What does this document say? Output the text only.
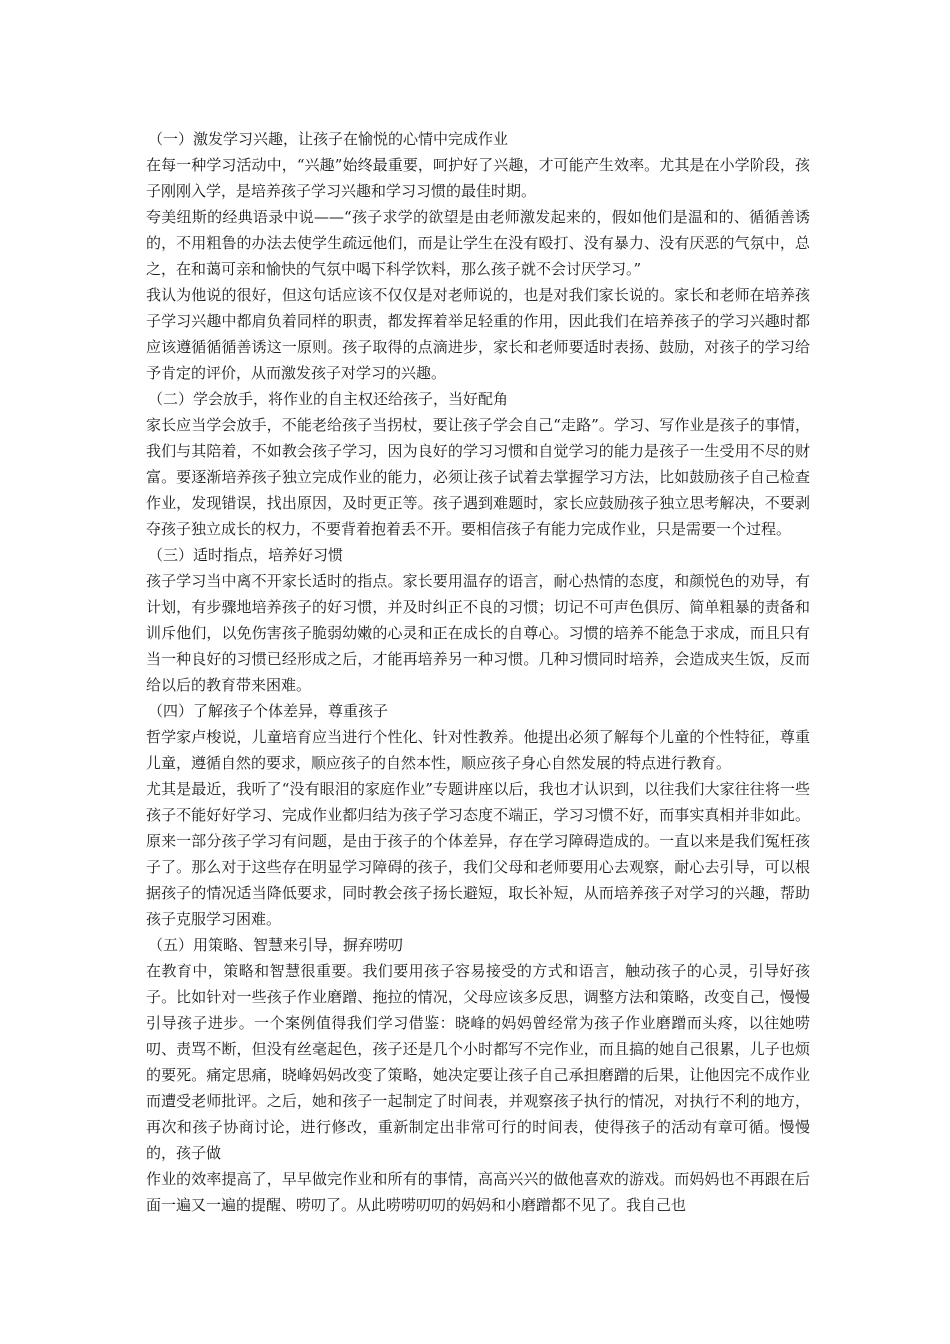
（一）激发学习兴趣，让孩子在愉悦的心情中完成作业

在每一种学习活动中，“兴趣”始终最重要，呵护好了兴趣，才可能产生效率。尤其是在小学阶段，孩子刚刚入学，是培养孩子学习兴趣和学习习惯的最佳时期。

夸美纽斯的经典语录中说——“孩子求学的欲望是由老师激发起来的，假如他们是温和的、循循善诱的，不用粗鲁的办法去使学生疏远他们，而是让学生在没有殴打、没有暴力、没有厌恶的气氛中，总之，在和蔼可亲和愉快的气氛中喝下科学饮料，那么孩子就不会讨厌学习。”

我认为他说的很好，但这句话应该不仅仅是对老师说的，也是对我们家长说的。家长和老师在培养孩子学习兴趣中都肩负着同样的职责，都发挥着举足轻重的作用，因此我们在培养孩子的学习兴趣时都应该遵循循循善诱这一原则。孩子取得的点滴进步，家长和老师要适时表扬、鼓励，对孩子的学习给予肯定的评价，从而激发孩子对学习的兴趣。

（二）学会放手，将作业的自主权还给孩子，当好配角

家长应当学会放手，不能老给孩子当拐杖，要让孩子学会自己“走路”。学习、写作业是孩子的事情，我们与其陪着，不如教会孩子学习，因为良好的学习习惯和自觉学习的能力是孩子一生受用不尽的财富。要逐渐培养孩子独立完成作业的能力，必须让孩子试着去掌握学习方法，比如鼓励孩子自己检查作业，发现错误，找出原因，及时更正等。孩子遇到难题时，家长应鼓励孩子独立思考解决，不要剥夺孩子独立成长的权力，不要背着抱着丢不开。要相信孩子有能力完成作业，只是需要一个过程。

（三）适时指点，培养好习惯

孩子学习当中离不开家长适时的指点。家长要用温存的语言，耐心热情的态度，和颜悦色的劝导，有计划，有步骤地培养孩子的好习惯，并及时纠正不良的习惯；切记不可声色俱厉、简单粗暴的责备和训斥他们，以免伤害孩子脆弱幼嫩的心灵和正在成长的自尊心。习惯的培养不能急于求成，而且只有当一种良好的习惯已经形成之后，才能再培养另一种习惯。几种习惯同时培养，会造成夹生饭，反而给以后的教育带来困难。

（四）了解孩子个体差异，尊重孩子

哲学家卢梭说，儿童培育应当进行个性化、针对性教养。他提出必须了解每个儿童的个性特征，尊重儿童，遵循自然的要求，顺应孩子的自然本性，顺应孩子身心自然发展的特点进行教育。

尤其是最近，我听了“没有眼泪的家庭作业”专题讲座以后，我也才认识到，以往我们大家往往将一些孩子不能好好学习、完成作业都归结为孩子学习态度不端正，学习习惯不好，而事实真相并非如此。原来一部分孩子学习有问题，是由于孩子的个体差异，存在学习障碍造成的。一直以来是我们冤枉孩子了。那么对于这些存在明显学习障碍的孩子，我们父母和老师要用心去观察，耐心去引导，可以根据孩子的情况适当降低要求，同时教会孩子扬长避短，取长补短，从而培养孩子对学习的兴趣，帮助孩子克服学习困难。

（五）用策略、智慧来引导，摒弃唠叨

在教育中，策略和智慧很重要。我们要用孩子容易接受的方式和语言，触动孩子的心灵，引导好孩子。比如针对一些孩子作业磨蹭、拖拉的情况，父母应该多反思，调整方法和策略，改变自己，慢慢引导孩子进步。一个案例值得我们学习借鉴：晓峰的妈妈曾经常为孩子作业磨蹭而头疼，以往她唠叨、责骂不断，但没有丝毫起色，孩子还是几个小时都写不完作业，而且搞的她自己很累，儿子也烦的要死。痛定思痛，晓峰妈妈改变了策略，她决定要让孩子自己承担磨蹭的后果，让他因完不成作业而遭受老师批评。之后，她和孩子一起制定了时间表，并观察孩子执行的情况，对执行不利的地方，再次和孩子协商讨论，进行修改，重新制定出非常可行的时间表，使得孩子的活动有章可循。慢慢的，孩子做

作业的效率提高了，早早做完作业和所有的事情，高高兴兴的做他喜欢的游戏。而妈妈也不再跟在后面一遍又一遍的提醒、唠叨了。从此唠唠叨叨的妈妈和小磨蹭都不见了。我自己也
